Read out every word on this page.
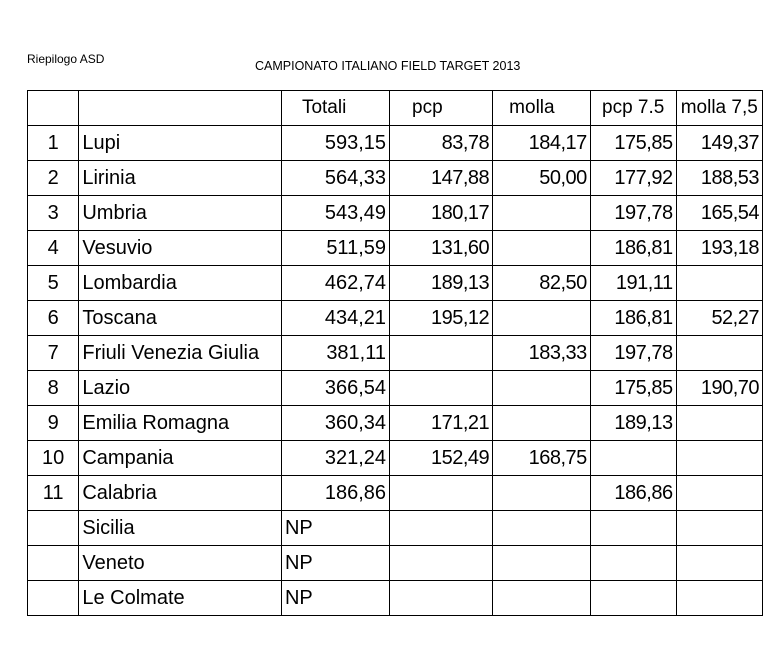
Riepilogo ASD	CAMPIONATO ITALIANO FIELD TARGET 2013
		Totali	pcp	molla	pcp 7.5	molla 7,5
1	Lupi	593,15	83,78	184,17	175,85	149,37
2	Lirinia	564,33	147,88	50,00	177,92	188,53
3	Umbria	543,49	180,17		197,78	165,54
4	Vesuvio	511,59	131,60		186,81	193,18
5	Lombardia	462,74	189,13	82,50	191,11	
6	Toscana	434,21	195,12		186,81	52,27
7	Friuli Venezia Giulia	381,11		183,33	197,78	
8	Lazio	366,54			175,85	190,70
9	Emilia Romagna	360,34	171,21		189,13	
10	Campania	321,24	152,49	168,75		
11	Calabria	186,86			186,86	
	Sicilia	NP				
	Veneto	NP				
	Le Colmate	NP				
